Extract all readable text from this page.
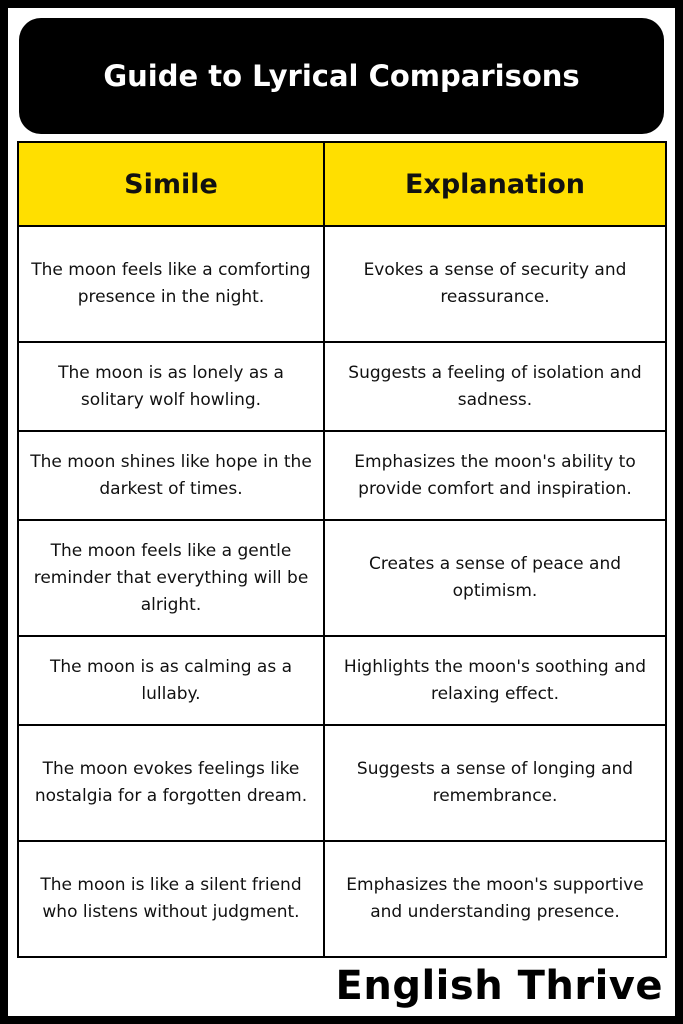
Guide to Lyrical Comparisons
Simile	Explanation
The moon feels like a comforting presence in the night.	Evokes a sense of security and reassurance.
The moon is as lonely as a solitary wolf howling.	Suggests a feeling of isolation and sadness.
The moon shines like hope in the darkest of times.	Emphasizes the moon's ability to provide comfort and inspiration.
The moon feels like a gentle reminder that everything will be alright.	Creates a sense of peace and optimism.
The moon is as calming as a lullaby.	Highlights the moon's soothing and relaxing effect.
The moon evokes feelings like nostalgia for a forgotten dream.	Suggests a sense of longing and remembrance.
The moon is like a silent friend who listens without judgment.	Emphasizes the moon's supportive and understanding presence.
English Thrive
